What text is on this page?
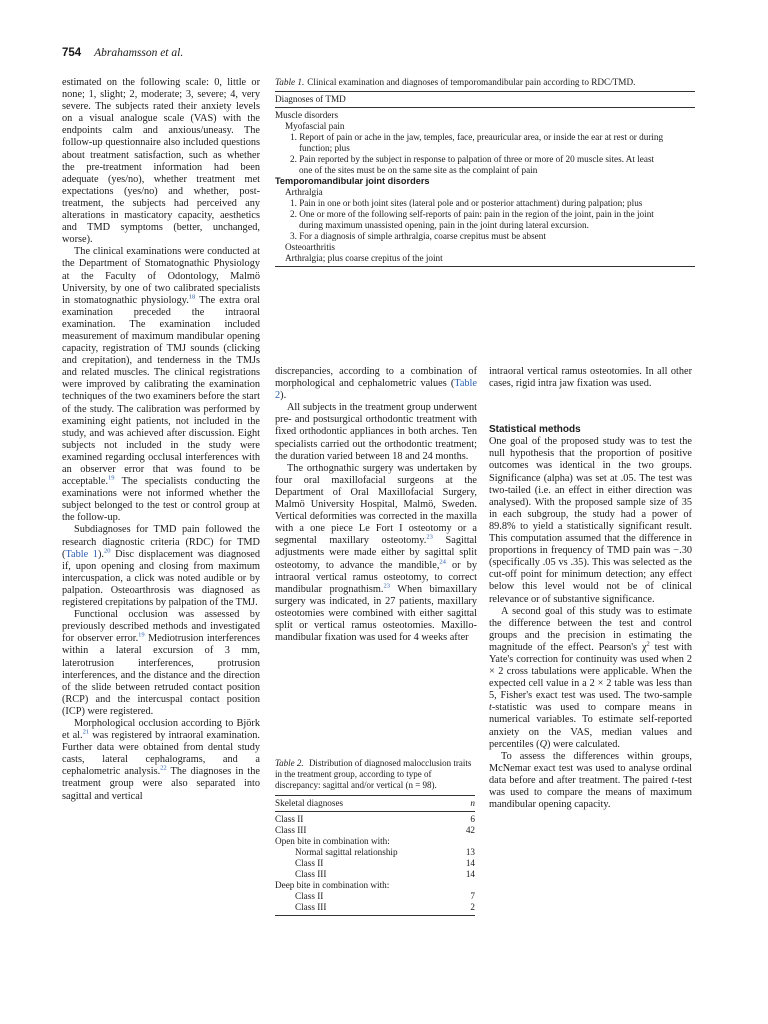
754 Abrahamsson et al.

estimated on the following scale: 0, little or none; 1, slight; 2, moderate; 3, severe; 4, very severe. The subjects rated their anxiety levels on a visual analogue scale (VAS) with the endpoints calm and anxious/uneasy. The follow-up questionnaire also included questions about treatment satisfaction, such as whether the pre-treatment information had been adequate (yes/no), whether treatment met expectations (yes/no) and whether, post-treatment, the subjects had perceived any alterations in masticatory capacity, aesthetics and TMD symptoms (better, unchanged, worse).

The clinical examinations were conducted at the Department of Stomatognathic Physiology at the Faculty of Odontology, Malmö University, by one of two calibrated specialists in stomatognathic physiology.$^{18}$ The extra oral examination preceded the intraoral examination. The examination included measurement of maximum mandibular opening capacity, registration of TMJ sounds (clicking and crepitation), and tenderness in the TMJs and related muscles. The clinical registrations were improved by calibrating the examination techniques of the two examiners before the start of the study. The calibration was performed by examining eight patients, not included in the study, and was achieved after discussion. Eight subjects not included in the study were examined regarding occlusal interferences with an observer error that was found to be acceptable.$^{19}$ The specialists conducting the examinations were not informed whether the subject belonged to the test or control group at the follow-up.

Subdiagnoses for TMD pain followed the research diagnostic criteria (RDC) for TMD (Table 1).$^{20}$ Disc displacement was diagnosed if, upon opening and closing from maximum intercuspation, a click was noted audible or by palpation. Osteoarthrosis was diagnosed as registered crepitations by palpation of the TMJ.

Functional occlusion was assessed by previously described methods and investigated for observer error.$^{19}$ Mediotrusion interferences within a lateral excursion of 3 mm, laterotrusion interferences, protrusion interferences, and the distance and the direction of the slide between retruded contact position (RCP) and the intercuspal contact position (ICP) were registered.

Morphological occlusion according to Björk et al.$^{21}$ was registered by intraoral examination. Further data were obtained from dental study casts, lateral cephalograms, and a cephalometric analysis.$^{22}$ The diagnoses in the treatment group were also separated into sagittal and vertical

Table 1. Clinical examination and diagnoses of temporomandibular pain according to RDC/TMD.

Diagnoses of TMD
Muscle disorders
Myofascial pain
1. Report of pain or ache in the jaw, temples, face, preauricular area, or inside the ear at rest or during function; plus
2. Pain reported by the subject in response to palpation of three or more of 20 muscle sites. At least one of the sites must be on the same site as the complaint of pain
Temporomandibular joint disorders
Arthralgia
1. Pain in one or both joint sites (lateral pole and or posterior attachment) during palpation; plus
2. One or more of the following self-reports of pain: pain in the region of the joint, pain in the joint during maximum unassisted opening, pain in the joint during lateral excursion.
3. For a diagnosis of simple arthralgia, coarse crepitus must be absent
Osteoarthritis
Arthralgia; plus coarse crepitus of the joint

discrepancies, according to a combination of morphological and cephalometric values (Table 2).

All subjects in the treatment group underwent pre- and postsurgical orthodontic treatment with fixed orthodontic appliances in both arches. Ten specialists carried out the orthodontic treatment; the duration varied between 18 and 24 months.

The orthognathic surgery was undertaken by four oral maxillofacial surgeons at the Department of Oral Maxillofacial Surgery, Malmö University Hospital, Malmö, Sweden. Vertical deformities was corrected in the maxilla with a one piece Le Fort I osteotomy or a segmental maxillary osteotomy.$^{23}$ Sagittal adjustments were made either by sagittal split osteotomy, to advance the mandible,$^{24}$ or by intraoral vertical ramus osteotomy, to correct mandibular prognathism.$^{23}$ When bimaxillary surgery was indicated, in 27 patients, maxillary osteotomies were combined with either sagittal split or vertical ramus osteotomies. Maxillo-mandibular fixation was used for 4 weeks after

Table 2. Distribution of diagnosed malocclusion traits in the treatment group, according to type of discrepancy: sagittal and/or vertical (n = 98).

Skeletal diagnoses	n
Class II	6
Class III	42
Open bite in combination with:
Normal sagittal relationship	13
Class II	14
Class III	14
Deep bite in combination with:
Class II	7
Class III	2

intraoral vertical ramus osteotomies. In all other cases, rigid intra jaw fixation was used.

Statistical methods

One goal of the proposed study was to test the null hypothesis that the proportion of positive outcomes was identical in the two groups. Significance (alpha) was set at .05. The test was two-tailed (i.e. an effect in either direction was analysed). With the proposed sample size of 35 in each subgroup, the study had a power of 89.8% to yield a statistically significant result. This computation assumed that the difference in proportions in frequency of TMD pain was −.30 (specifically .05 vs .35). This was selected as the cut-off point for minimum detection; any effect below this level would not be of clinical relevance or of substantive significance.

A second goal of this study was to estimate the difference between the test and control groups and the precision in estimating the magnitude of the effect. Pearson's $\chi^2$ test with Yate's correction for continuity was used when 2 × 2 cross tabulations were applicable. When the expected cell value in a 2 × 2 table was less than 5, Fisher's exact test was used. The two-sample t-statistic was used to compare means in numerical variables. To estimate self-reported anxiety on the VAS, median values and percentiles (Q) were calculated.

To assess the differences within groups, McNemar exact test was used to analyse ordinal data before and after treatment. The paired t-test was used to compare the means of maximum mandibular opening capacity.
